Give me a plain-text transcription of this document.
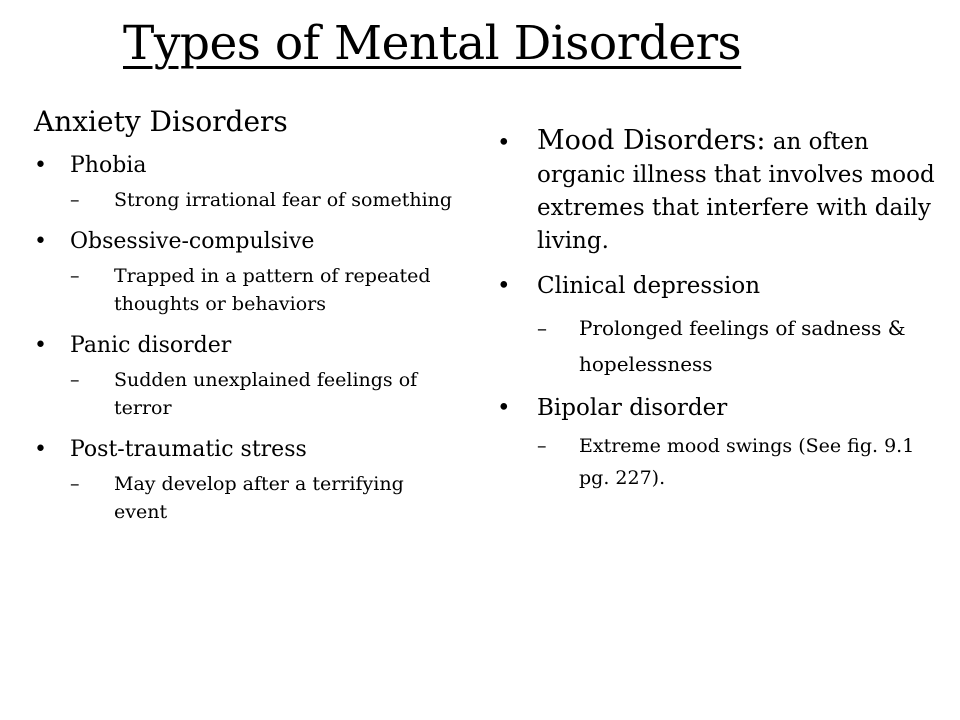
Types of Mental Disorders
Anxiety Disorders
• Phobia
– Strong irrational fear of something
• Obsessive-compulsive
– Trapped in a pattern of repeated thoughts or behaviors
• Panic disorder
– Sudden unexplained feelings of terror
• Post-traumatic stress
– May develop after a terrifying event
• Mood Disorders: an often organic illness that involves mood extremes that interfere with daily living.
• Clinical depression
– Prolonged feelings of sadness & hopelessness
• Bipolar disorder
– Extreme mood swings (See fig. 9.1 pg. 227).
